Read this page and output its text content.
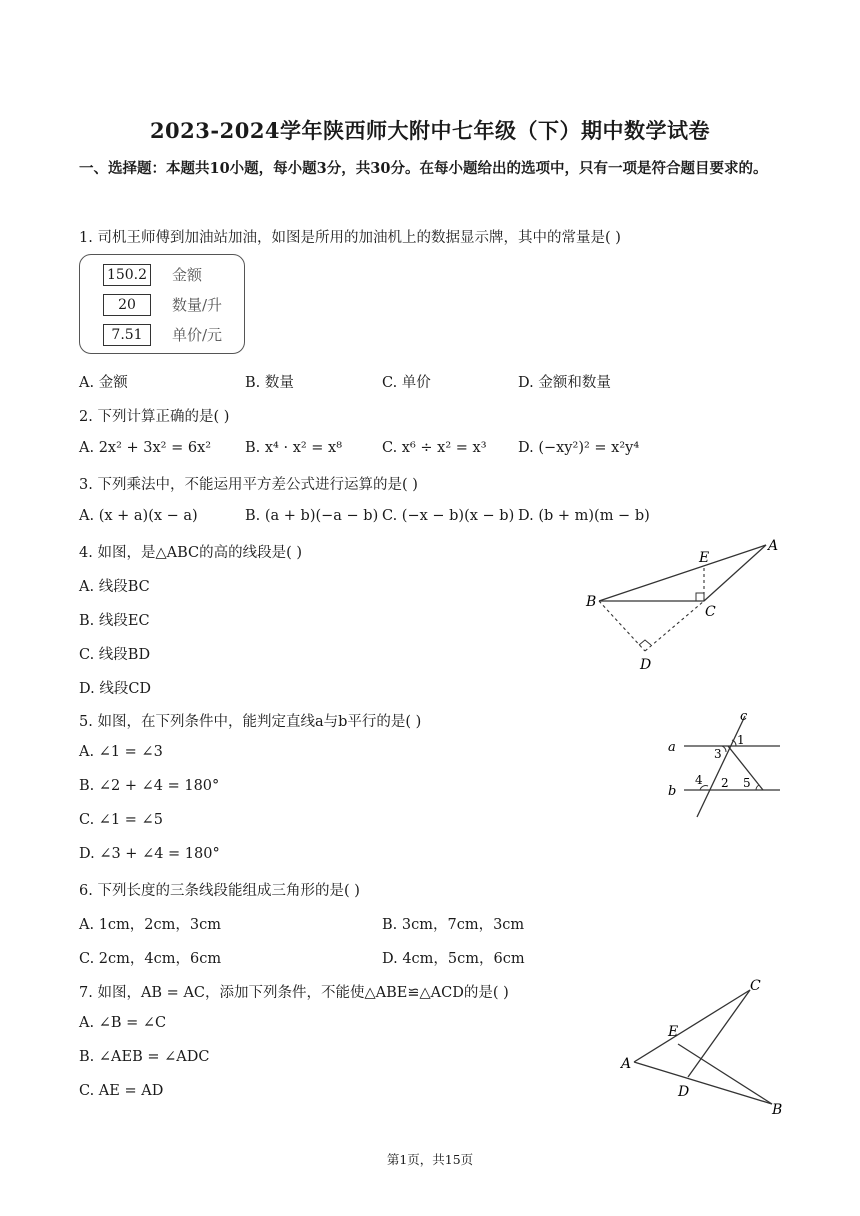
2023-2024学年陕西师大附中七年级（下）期中数学试卷
一、选择题：本题共10小题，每小题3分，共30分。在每小题给出的选项中，只有一项是符合题目要求的。
1. 司机王师傅到加油站加油，如图是所用的加油机上的数据显示牌，其中的常量是( )
150.2 金额
20	数量/升
7.51	单价/元
A. 金额	B. 数量	C. 单价	D. 金额和数量
2. 下列计算正确的是( )
A. 2x² + 3x² = 6x² B. x⁴ · x² = x⁸	C. x⁶ ÷ x² = x³ D. (−xy²)² = x²y⁴
3. 下列乘法中，不能运用平方差公式进行运算的是( )
A. (x + a)(x − a)	B. (a + b)(−a − b) C. (−x − b)(x − b) D. (b + m)(m − b)
4. 如图，是△ABC的高的线段是( )
A. 线段BC
B. 线段EC
C. 线段BD
D. 线段CD
A
B
C
D
E
5. 如图，在下列条件中，能判定直线a与b平行的是( )
A. ∠1 = ∠3
B. ∠2 + ∠4 = 180°
C. ∠1 = ∠5
D. ∠3 + ∠4 = 180°
c
a
b
1
3
4 2 5
6. 下列长度的三条线段能组成三角形的是( )
A. 1cm，2cm，3cm	B. 3cm，7cm，3cm
C. 2cm，4cm，6cm	D. 4cm，5cm，6cm
7. 如图，AB = AC，添加下列条件，不能使△ABE≌△ACD的是( )
A. ∠B = ∠C
B. ∠AEB = ∠ADC
C. AE = AD
C
A
E
D
B
第1页，共15页
